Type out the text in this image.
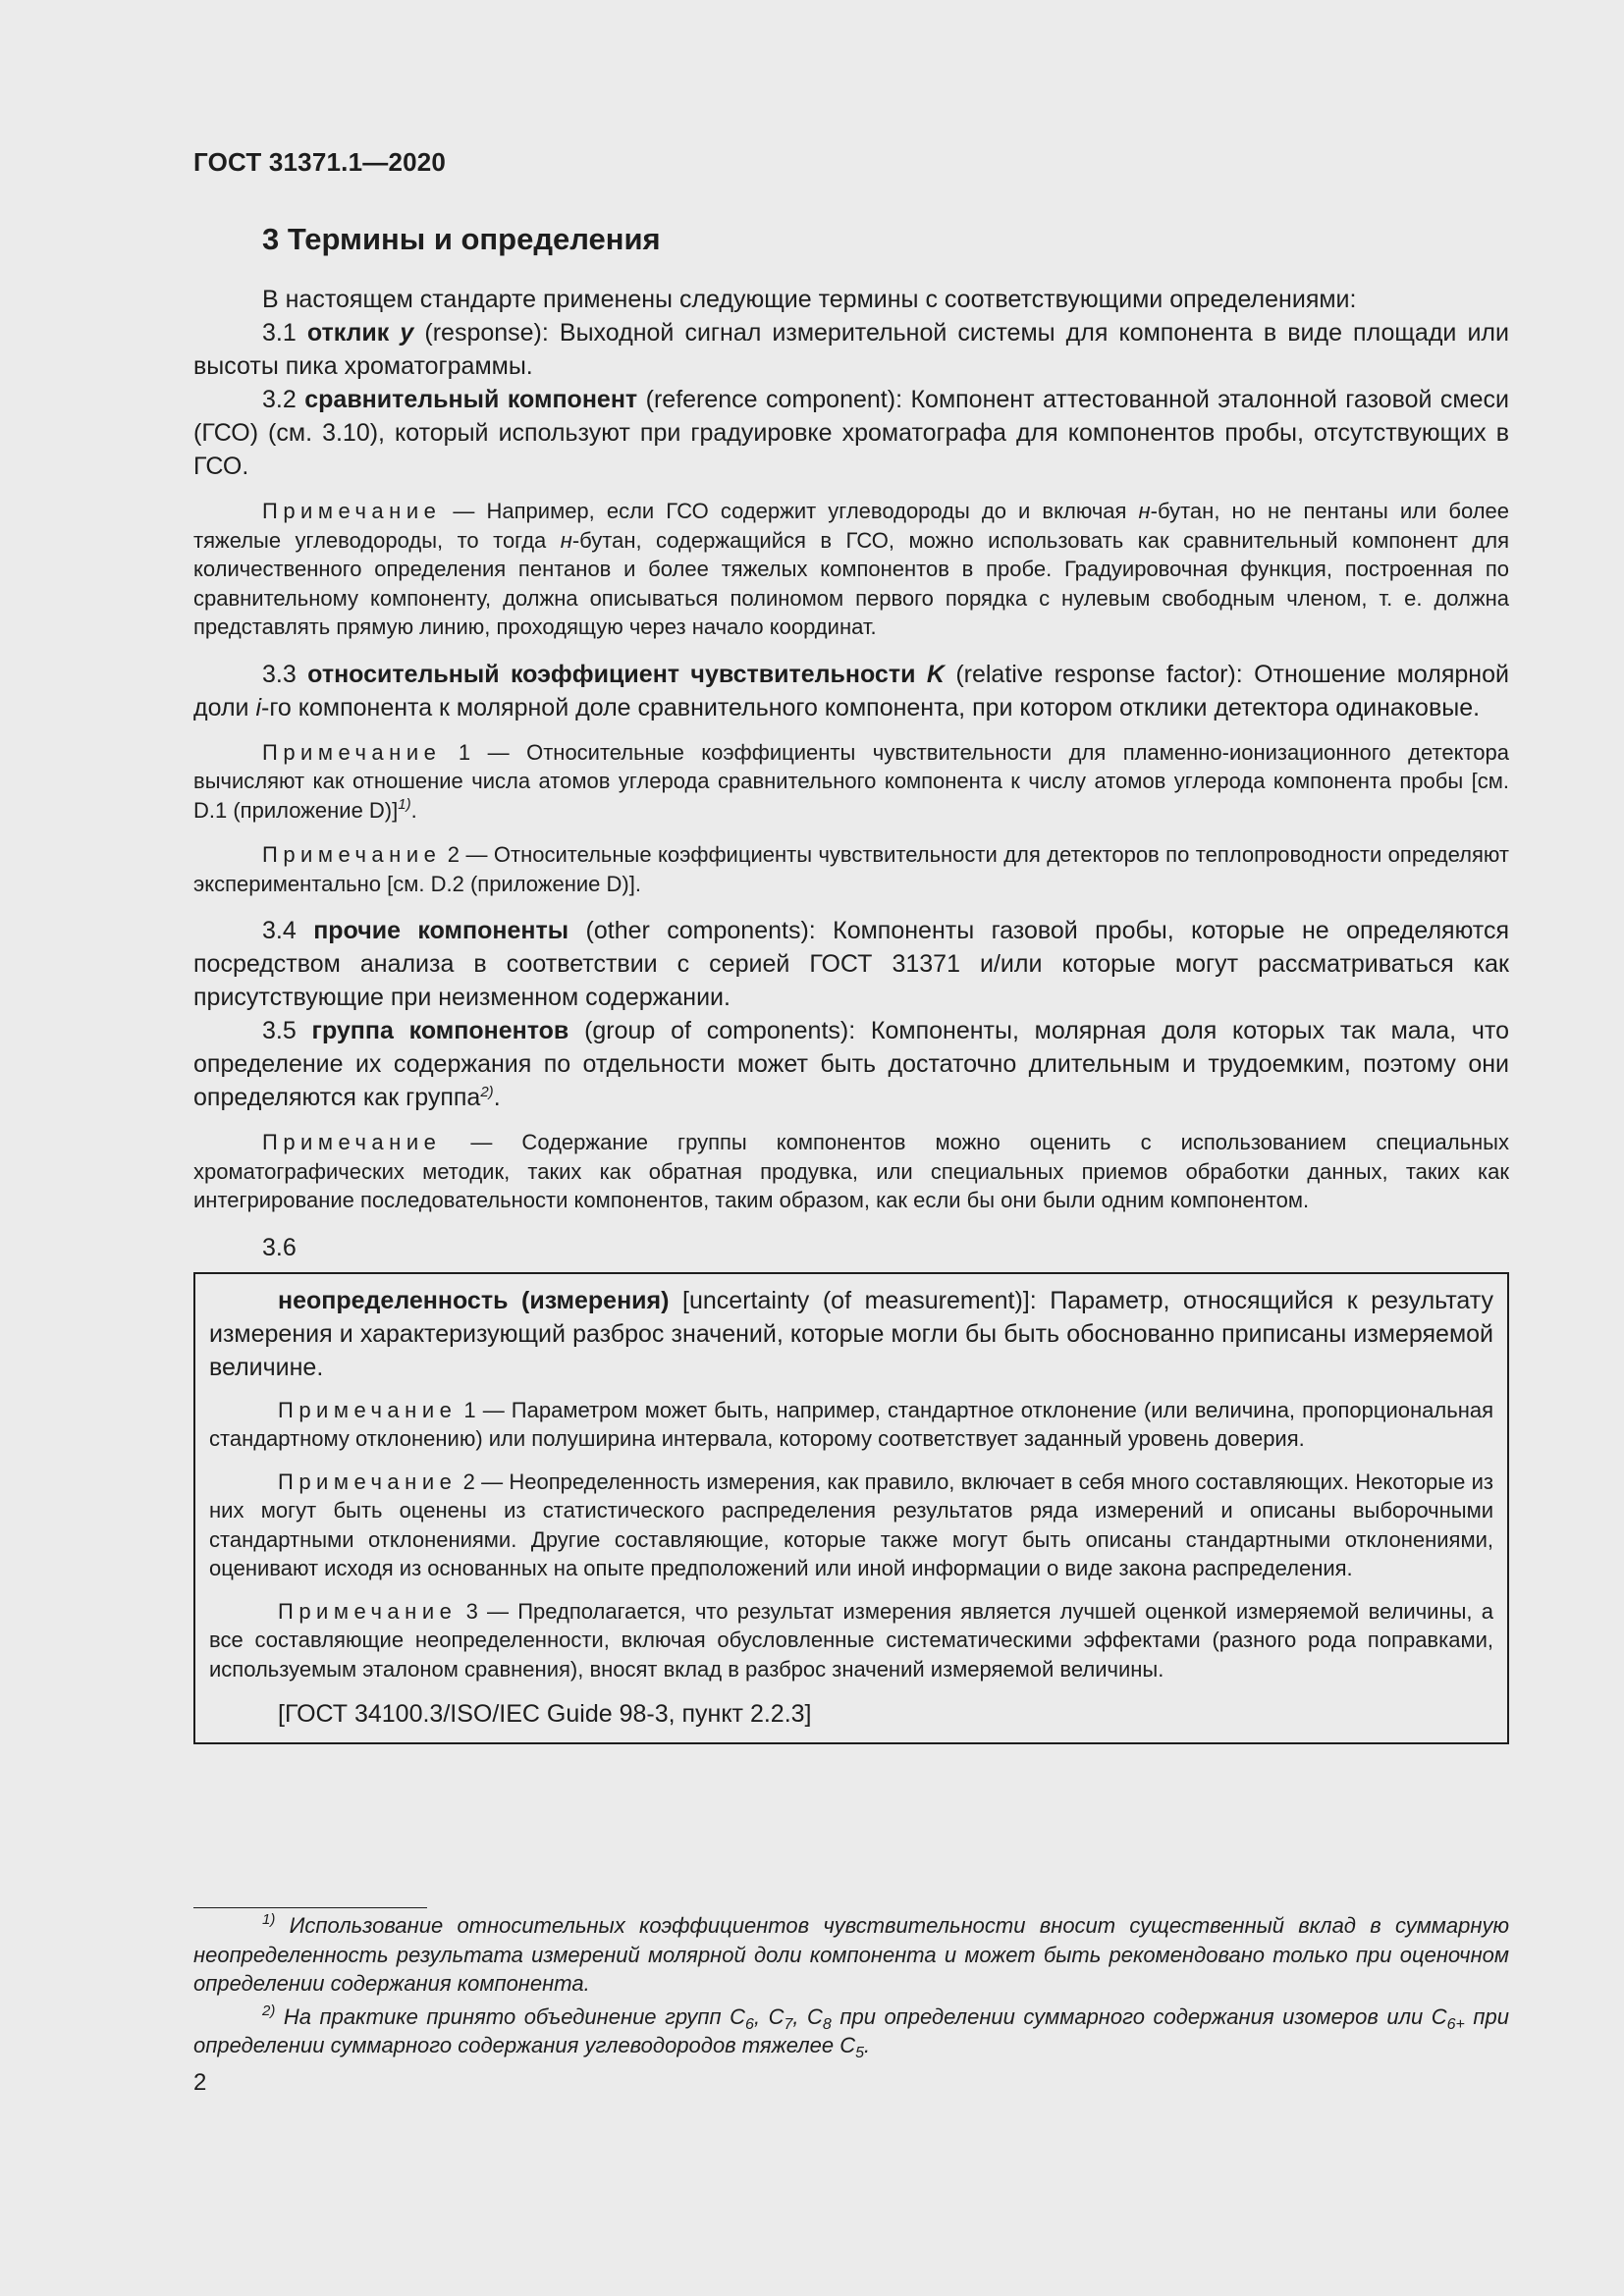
ГОСТ 31371.1—2020
3 Термины и определения

В настоящем стандарте применены следующие термины с соответствующими определениями:

3.1 отклик y (response): Выходной сигнал измерительной системы для компонента в виде площади или высоты пика хроматограммы.

3.2 сравнительный компонент (reference component): Компонент аттестованной эталонной газовой смеси (ГСО) (см. 3.10), который используют при градуировке хроматографа для компонентов пробы, отсутствующих в ГСО.

Примечание — Например, если ГСО содержит углеводороды до и включая н-бутан, но не пентаны или более тяжелые углеводороды, то тогда н-бутан, содержащийся в ГСО, можно использовать как сравнительный компонент для количественного определения пентанов и более тяжелых компонентов в пробе. Градуировочная функция, построенная по сравнительному компоненту, должна описываться полиномом первого порядка с нулевым свободным членом, т. е. должна представлять прямую линию, проходящую через начало координат.

3.3 относительный коэффициент чувствительности K (relative response factor): Отношение молярной доли i-го компонента к молярной доле сравнительного компонента, при котором отклики детектора одинаковые.

Примечание 1 — Относительные коэффициенты чувствительности для пламенно-ионизационного детектора вычисляют как отношение числа атомов углерода сравнительного компонента к числу атомов углерода компонента пробы [см. D.1 (приложение D)]$^{1)}$.

Примечание 2 — Относительные коэффициенты чувствительности для детекторов по теплопроводности определяют экспериментально [см. D.2 (приложение D)].

3.4 прочие компоненты (other components): Компоненты газовой пробы, которые не определяются посредством анализа в соответствии с серией ГОСТ 31371 и/или которые могут рассматриваться как присутствующие при неизменном содержании.

3.5 группа компонентов (group of components): Компоненты, молярная доля которых так мала, что определение их содержания по отдельности может быть достаточно длительным и трудоемким, поэтому они определяются как группа$^{2)}$.

Примечание — Содержание группы компонентов можно оценить с использованием специальных хроматографических методик, таких как обратная продувка, или специальных приемов обработки данных, таких как интегрирование последовательности компонентов, таким образом, как если бы они были одним компонентом.

3.6

неопределенность (измерения) [uncertainty (of measurement)]: Параметр, относящийся к результату измерения и характеризующий разброс значений, которые могли бы быть обоснованно приписаны измеряемой величине.

Примечание 1 — Параметром может быть, например, стандартное отклонение (или величина, пропорциональная стандартному отклонению) или полуширина интервала, которому соответствует заданный уровень доверия.

Примечание 2 — Неопределенность измерения, как правило, включает в себя много составляющих. Некоторые из них могут быть оценены из статистического распределения результатов ряда измерений и описаны выборочными стандартными отклонениями. Другие составляющие, которые также могут быть описаны стандартными отклонениями, оценивают исходя из основанных на опыте предположений или иной информации о виде закона распределения.

Примечание 3 — Предполагается, что результат измерения является лучшей оценкой измеряемой величины, а все составляющие неопределенности, включая обусловленные систематическими эффектами (разного рода поправками, используемым эталоном сравнения), вносят вклад в разброс значений измеряемой величины.

[ГОСТ 34100.3/ISO/IEC Guide 98-3, пункт 2.2.3]

$^{1)}$ Использование относительных коэффициентов чувствительности вносит существенный вклад в суммарную неопределенность результата измерений молярной доли компонента и может быть рекомендовано только при оценочном определении содержания компонента.

$^{2)}$ На практике принято объединение групп $C_6$, $C_7$, $C_8$ при определении суммарного содержания изомеров или $C_{6+}$ при определении суммарного содержания углеводородов тяжелее $C_5$.

2
